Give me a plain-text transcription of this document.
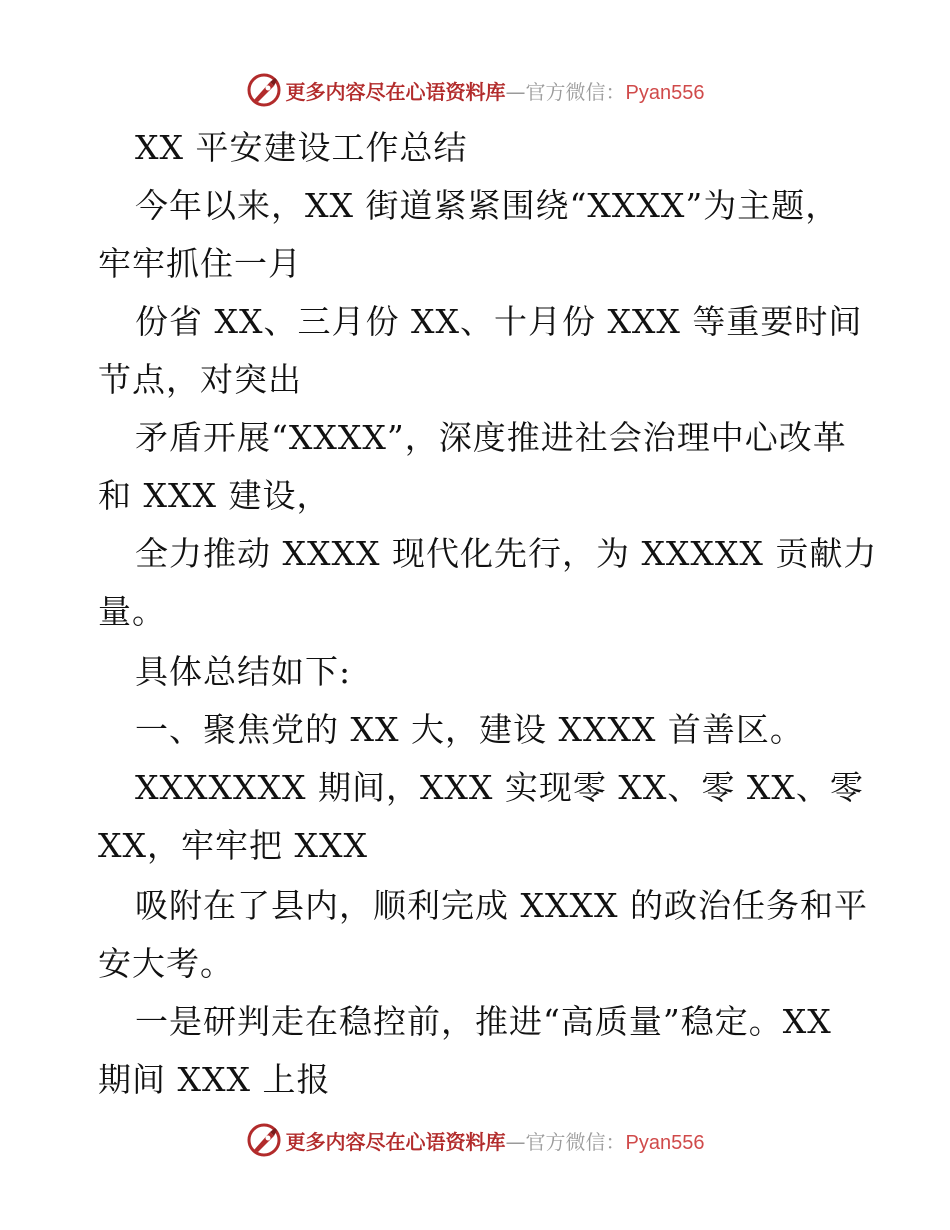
更多内容尽在心语资料库 — 官方微信： Pyan556
XX 平安建设工作总结
今年以来，XX 街道紧紧围绕“XXXX”为主题，
牢牢抓住一月
份省 XX、三月份 XX、十月份 XXX 等重要时间
节点，对突出
矛盾开展“XXXX”，深度推进社会治理中心改革
和 XXX 建设，
全力推动 XXXX 现代化先行，为 XXXXX 贡献力
量。
具体总结如下:
一、聚焦党的 XX 大，建设 XXXX 首善区。
XXXXXXX 期间，XXX 实现零 XX、零 XX、零
XX，牢牢把 XXX
吸附在了县内，顺利完成 XXXX 的政治任务和平
安大考。
一是研判走在稳控前，推进“高质量”稳定。XX
期间 XXX 上报
更多内容尽在心语资料库 — 官方微信： Pyan556
